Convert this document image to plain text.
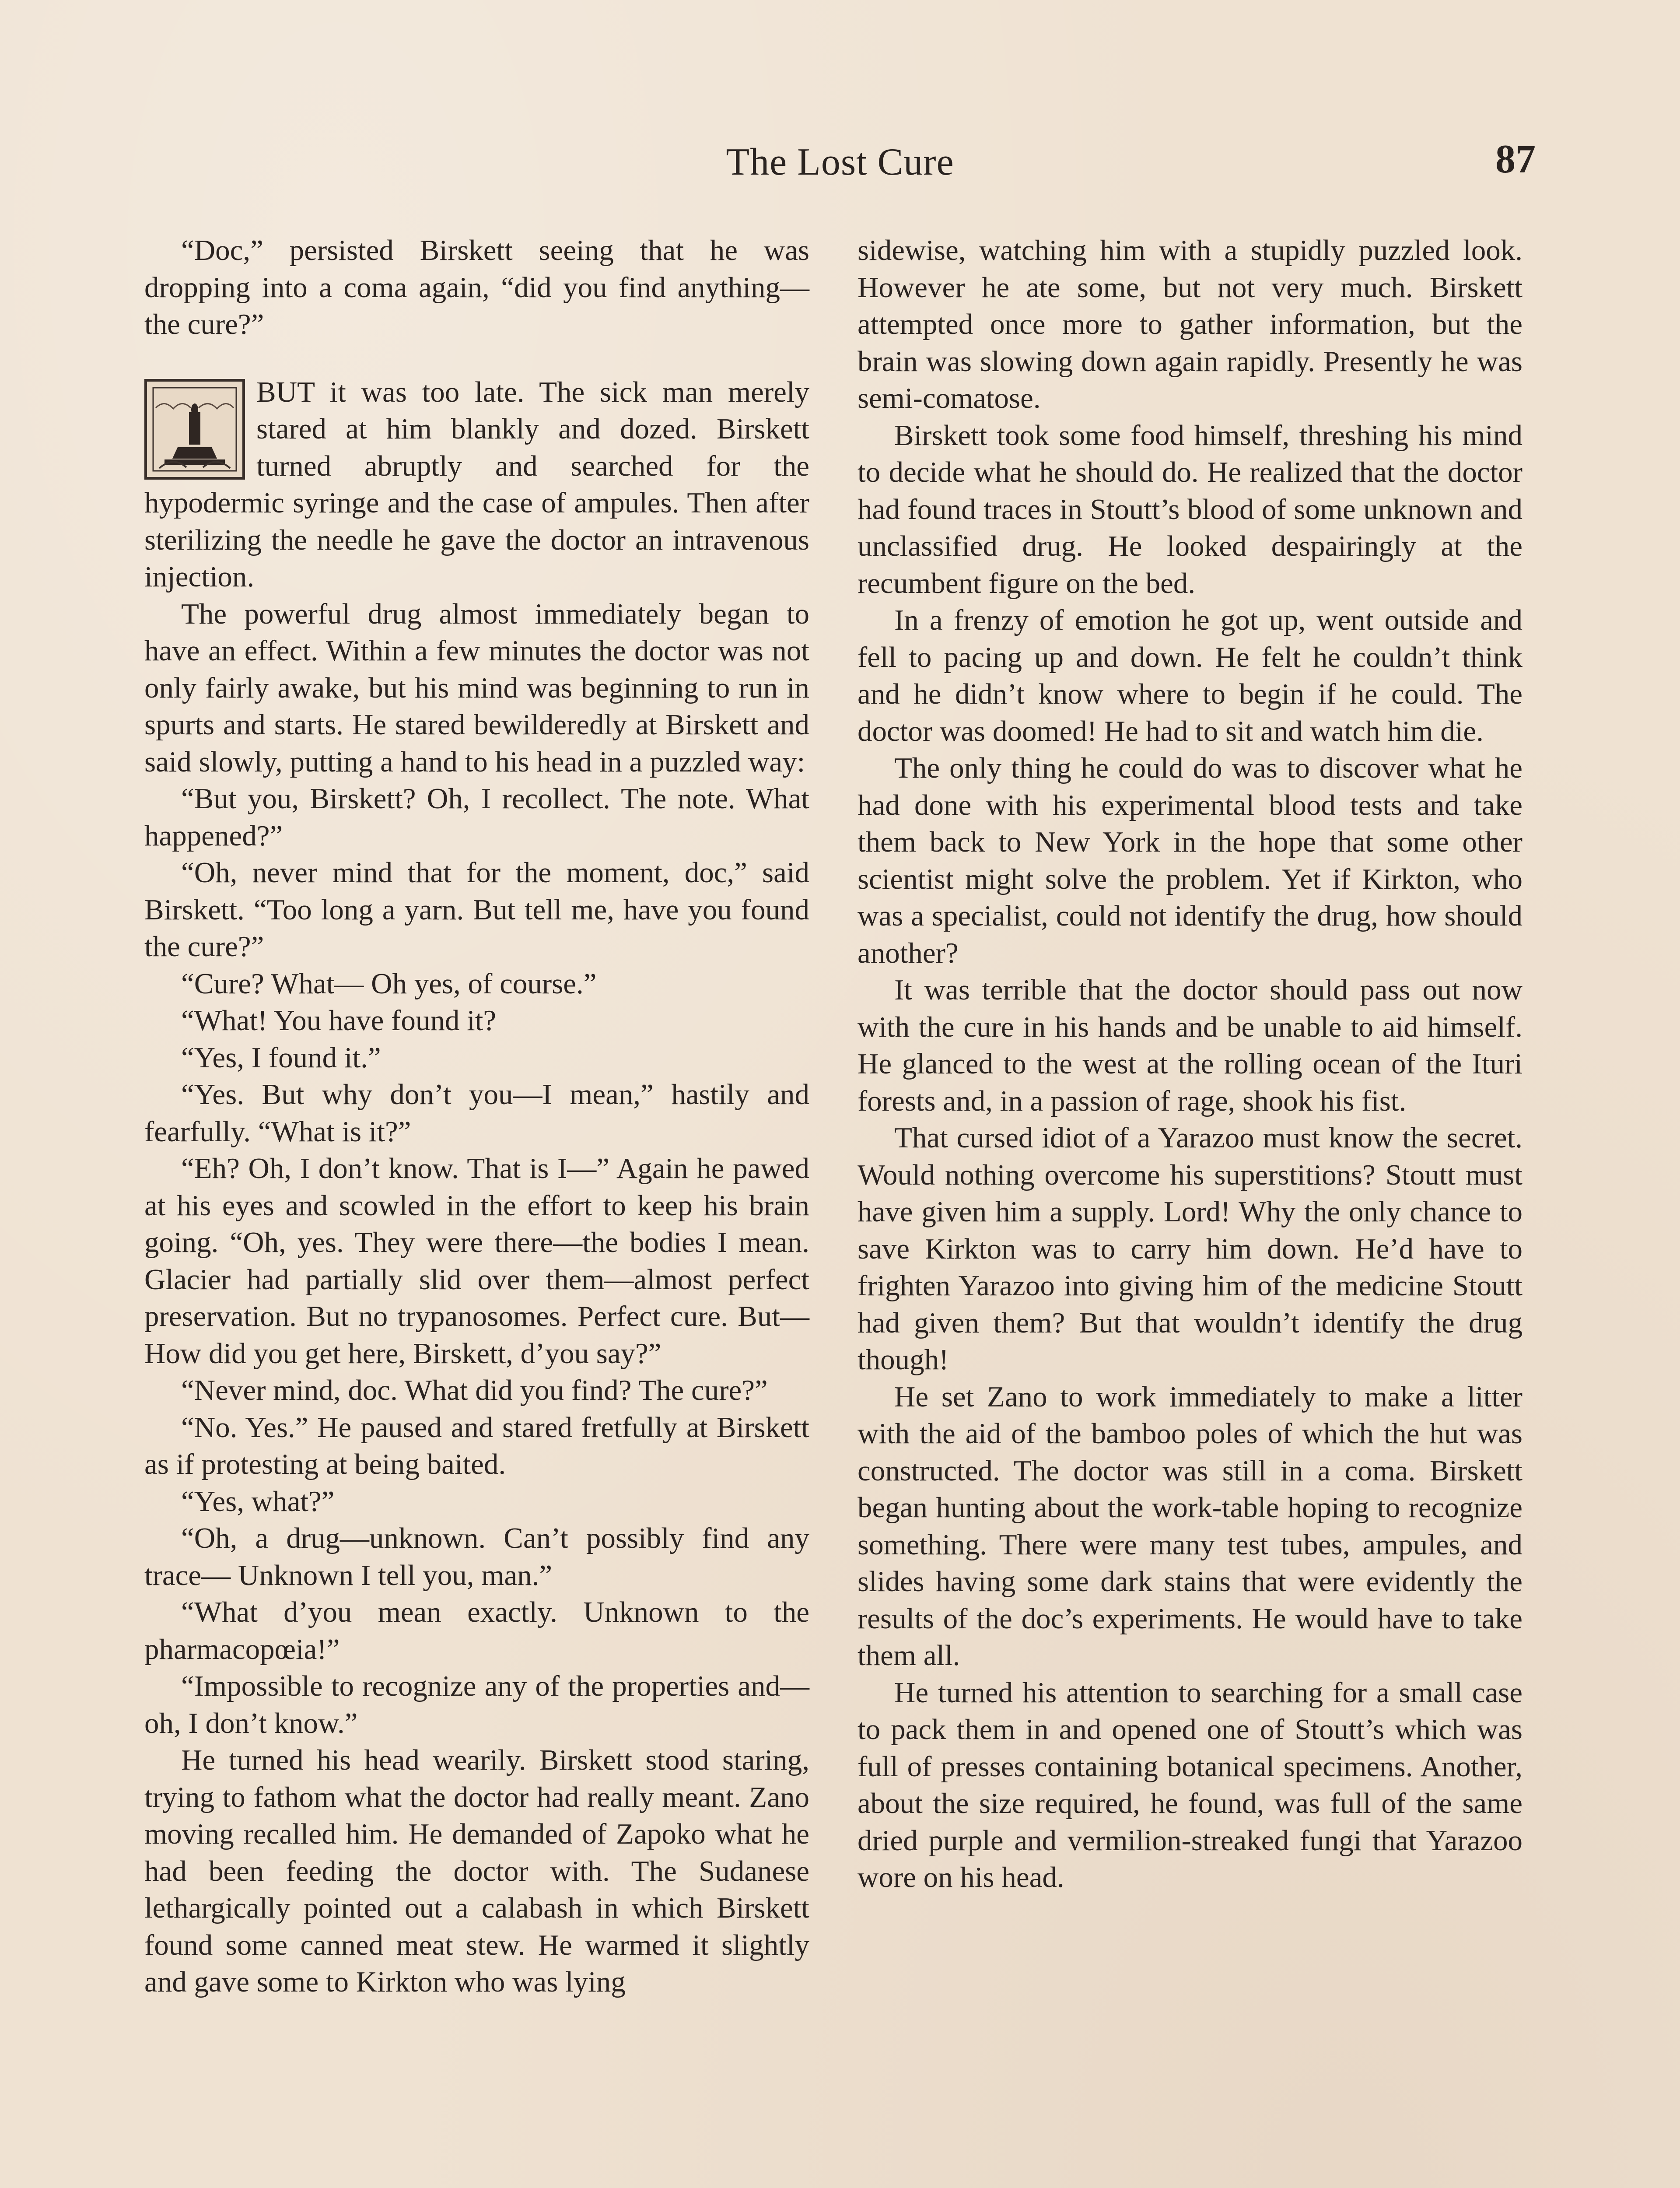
The Lost Cure	87

“Doc,” persisted Birskett seeing that he was dropping into a coma again, “did you find anything—the cure?”

BUT it was too late. The sick man merely stared at him blankly and dozed. Birskett turned abruptly and searched for the hypodermic syringe and the case of ampules. Then after sterilizing the needle he gave the doctor an intravenous injection.

The powerful drug almost immediately began to have an effect. Within a few minutes the doctor was not only fairly awake, but his mind was beginning to run in spurts and starts. He stared bewilderedly at Birskett and said slowly, putting a hand to his head in a puzzled way:

“But you, Birskett? Oh, I recollect. The note. What happened?”

“Oh, never mind that for the moment, doc,” said Birskett. “Too long a yarn. But tell me, have you found the cure?”

“Cure? What— Oh yes, of course.”

“What! You have found it?

“Yes, I found it.”

“Yes. But why don’t you—I mean,” hastily and fearfully. “What is it?”

“Eh? Oh, I don’t know. That is I—” Again he pawed at his eyes and scowled in the effort to keep his brain going. “Oh, yes. They were there—the bodies I mean. Glacier had partially slid over them—almost perfect preservation. But no trypanosomes. Perfect cure. But— How did you get here, Birskett, d’you say?”

“Never mind, doc. What did you find? The cure?”

“No. Yes.” He paused and stared fretfully at Birskett as if protesting at being baited.

“Yes, what?”

“Oh, a drug—unknown. Can’t possibly find any trace— Unknown I tell you, man.”

“What d’you mean exactly. Unknown to the pharmacopœia!”

“Impossible to recognize any of the properties and—oh, I don’t know.”

He turned his head wearily. Birskett stood staring, trying to fathom what the doctor had really meant. Zano moving recalled him. He demanded of Zapoko what he had been feeding the doctor with. The Sudanese lethargically pointed out a calabash in which Birskett found some canned meat stew. He warmed it slightly and gave some to Kirkton who was lying

sidewise, watching him with a stupidly puzzled look. However he ate some, but not very much. Birskett attempted once more to gather information, but the brain was slowing down again rapidly. Presently he was semi-comatose.

Birskett took some food himself, threshing his mind to decide what he should do. He realized that the doctor had found traces in Stoutt’s blood of some unknown and unclassified drug. He looked despairingly at the recumbent figure on the bed.

In a frenzy of emotion he got up, went outside and fell to pacing up and down. He felt he couldn’t think and he didn’t know where to begin if he could. The doctor was doomed! He had to sit and watch him die.

The only thing he could do was to discover what he had done with his experimental blood tests and take them back to New York in the hope that some other scientist might solve the problem. Yet if Kirkton, who was a specialist, could not identify the drug, how should another?

It was terrible that the doctor should pass out now with the cure in his hands and be unable to aid himself. He glanced to the west at the rolling ocean of the Ituri forests and, in a passion of rage, shook his fist.

That cursed idiot of a Yarazoo must know the secret. Would nothing overcome his superstitions? Stoutt must have given him a supply. Lord! Why the only chance to save Kirkton was to carry him down. He’d have to frighten Yarazoo into giving him of the medicine Stoutt had given them? But that wouldn’t identify the drug though!

He set Zano to work immediately to make a litter with the aid of the bamboo poles of which the hut was constructed. The doctor was still in a coma. Birskett began hunting about the work-table hoping to recognize something. There were many test tubes, ampules, and slides having some dark stains that were evidently the results of the doc’s experiments. He would have to take them all.

He turned his attention to searching for a small case to pack them in and opened one of Stoutt’s which was full of presses containing botanical specimens. Another, about the size required, he found, was full of the same dried purple and vermilion-streaked fungi that Yarazoo wore on his head.
